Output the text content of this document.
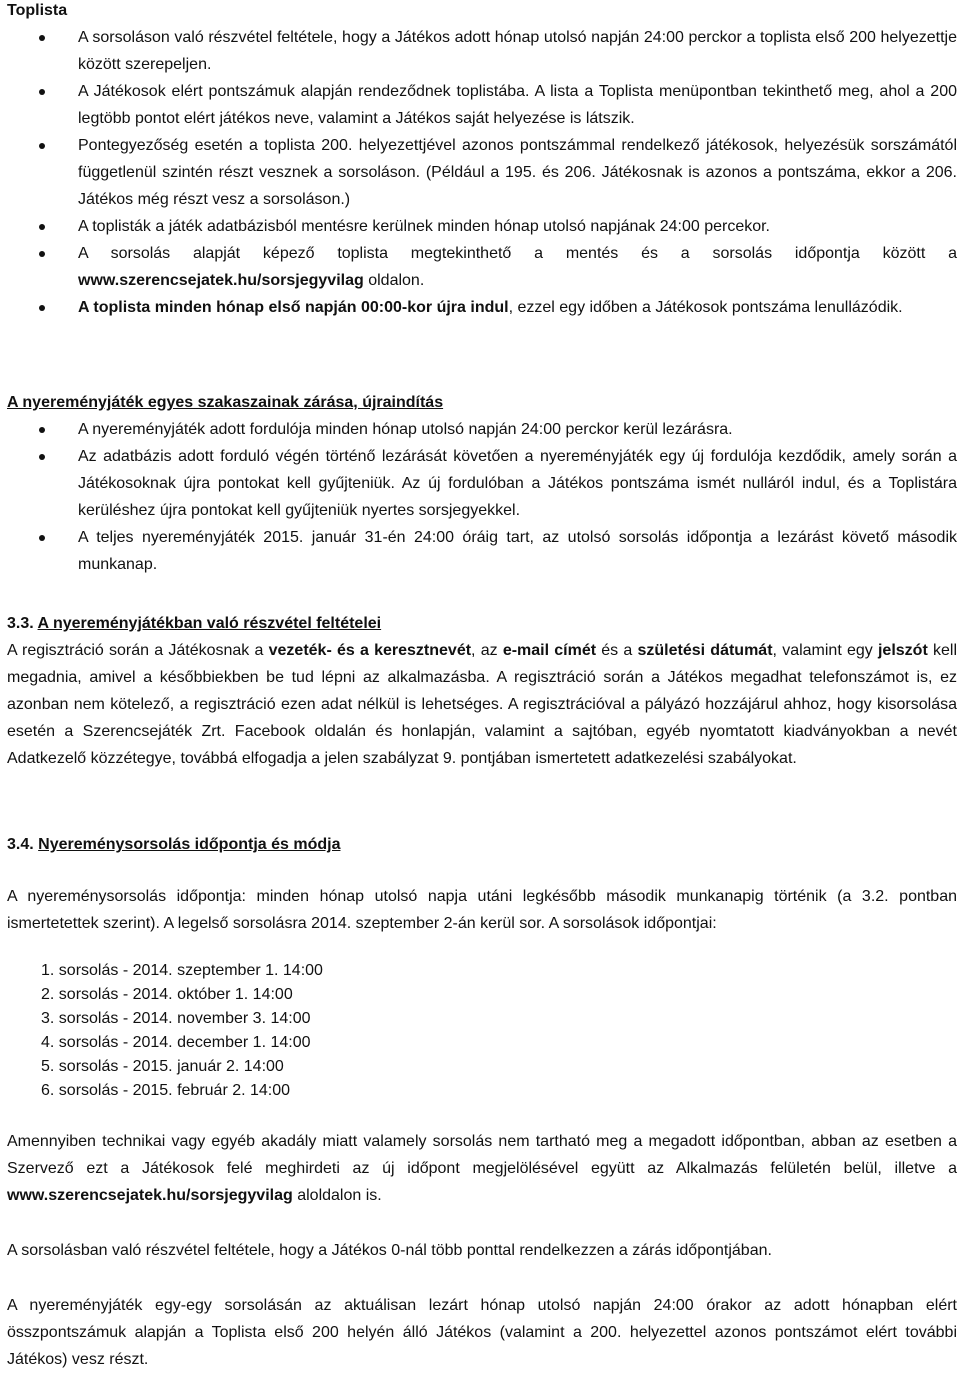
Toplista
A sorsoláson való részvétel feltétele, hogy a Játékos adott hónap utolsó napján 24:00 perckor a toplista első 200 helyezettje között szerepeljen.
A Játékosok elért pontszámuk alapján rendeződnek toplistába. A lista a Toplista menüpontban tekinthető meg, ahol a 200 legtöbb pontot elért játékos neve, valamint a Játékos saját helyezése is látszik.
Pontegyezőség esetén a toplista 200. helyezettjével azonos pontszámmal rendelkező játékosok, helyezésük sorszámától függetlenül szintén részt vesznek a sorsoláson. (Például a 195. és 206. Játékosnak is azonos a pontszáma, ekkor a 206. Játékos még részt vesz a sorsoláson.)
A toplisták a játék adatbázisból mentésre kerülnek minden hónap utolsó napjának 24:00 percekor.
A sorsolás alapját képező toplista megtekinthető a mentés és a sorsolás időpontja között a www.szerencsejatek.hu/sorsjegyvilag oldalon.
A toplista minden hónap első napján 00:00-kor újra indul, ezzel egy időben a Játékosok pontszáma lenullázódik.
A nyereményjáték egyes szakaszainak zárása, újraindítás
A nyereményjáték adott fordulója minden hónap utolsó napján 24:00 perckor kerül lezárásra.
Az adatbázis adott forduló végén történő lezárását követően a nyereményjáték egy új fordulója kezdődik, amely során a Játékosoknak újra pontokat kell gyűjteniük. Az új fordulóban a Játékos pontszáma ismét nulláról indul, és a Toplistára kerüléshez újra pontokat kell gyűjteniük nyertes sorsjegyekkel.
A teljes nyereményjáték 2015. január 31-én 24:00 óráig tart, az utolsó sorsolás időpontja a lezárást követő második munkanap.
3.3. A nyereményjátékban való részvétel feltételei

A regisztráció során a Játékosnak a vezeték- és a keresztnevét, az e-mail címét és a születési dátumát, valamint egy jelszót kell megadnia, amivel a későbbiekben be tud lépni az alkalmazásba. A regisztráció során a Játékos megadhat telefonszámot is, ez azonban nem kötelező, a regisztráció ezen adat nélkül is lehetséges. A regisztrációval a pályázó hozzájárul ahhoz, hogy kisorsolása esetén a Szerencsejáték Zrt. Facebook oldalán és honlapján, valamint a sajtóban, egyéb nyomtatott kiadványokban a nevét Adatkezelő közzétegye, továbbá elfogadja a jelen szabályzat 9. pontjában ismertetett adatkezelési szabályokat.

3.4. Nyereménysorsolás időpontja és módja

A nyereménysorsolás időpontja: minden hónap utolsó napja utáni legkésőbb második munkanapig történik (a 3.2. pontban ismertetettek szerint). A legelső sorsolásra 2014. szeptember 2-án kerül sor. A sorsolások időpontjai:

1. sorsolás - 2014. szeptember 1. 14:00
2. sorsolás - 2014. október 1. 14:00
3. sorsolás - 2014. november 3. 14:00
4. sorsolás - 2014. december 1. 14:00
5. sorsolás - 2015. január 2. 14:00
6. sorsolás - 2015. február 2. 14:00

Amennyiben technikai vagy egyéb akadály miatt valamely sorsolás nem tartható meg a megadott időpontban, abban az esetben a Szervező ezt a Játékosok felé meghirdeti az új időpont megjelölésével együtt az Alkalmazás felületén belül, illetve a www.szerencsejatek.hu/sorsjegyvilag aloldalon is.

A sorsolásban való részvétel feltétele, hogy a Játékos 0-nál több ponttal rendelkezzen a zárás időpontjában.

A nyereményjáték egy-egy sorsolásán az aktuálisan lezárt hónap utolsó napján 24:00 órakor az adott hónapban elért összpontszámuk alapján a Toplista első 200 helyén álló Játékos (valamint a 200. helyezettel azonos pontszámot elért további Játékos) vesz részt.
